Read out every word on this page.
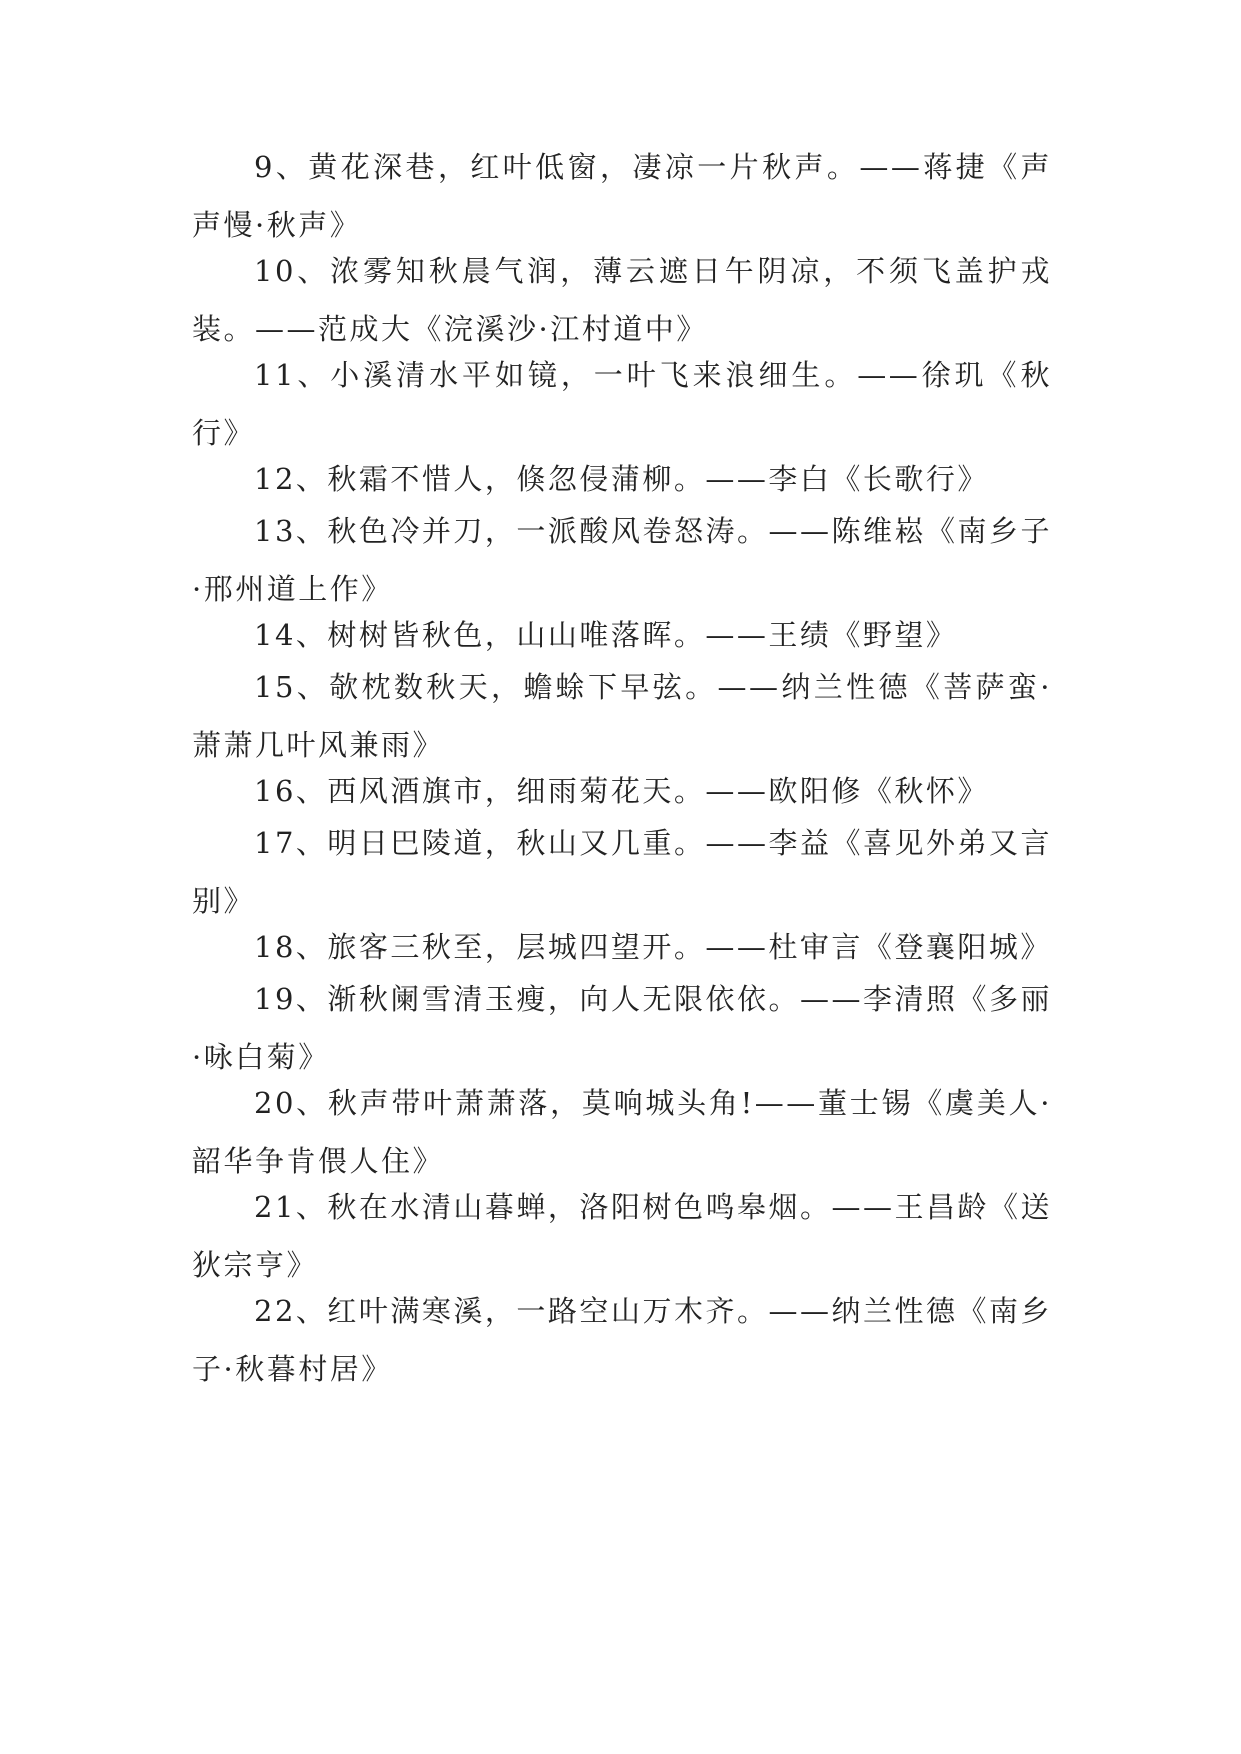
9、黄花深巷，红叶低窗，凄凉一片秋声。——蒋捷《声声慢·秋声》

10、浓雾知秋晨气润，薄云遮日午阴凉，不须飞盖护戎装。——范成大《浣溪沙·江村道中》

11、小溪清水平如镜，一叶飞来浪细生。——徐玑《秋行》

12、秋霜不惜人，倏忽侵蒲柳。——李白《长歌行》

13、秋色冷并刀，一派酸风卷怒涛。——陈维崧《南乡子·邢州道上作》

14、树树皆秋色，山山唯落晖。——王绩《野望》

15、欹枕数秋天，蟾蜍下早弦。——纳兰性德《菩萨蛮·萧萧几叶风兼雨》

16、西风酒旗市，细雨菊花天。——欧阳修《秋怀》

17、明日巴陵道，秋山又几重。——李益《喜见外弟又言别》

18、旅客三秋至，层城四望开。——杜审言《登襄阳城》

19、渐秋阑雪清玉瘦，向人无限依依。——李清照《多丽·咏白菊》

20、秋声带叶萧萧落，莫响城头角!——董士锡《虞美人·韶华争肯偎人住》

21、秋在水清山暮蝉，洛阳树色鸣皋烟。——王昌龄《送狄宗亨》

22、红叶满寒溪，一路空山万木齐。——纳兰性德《南乡子·秋暮村居》
